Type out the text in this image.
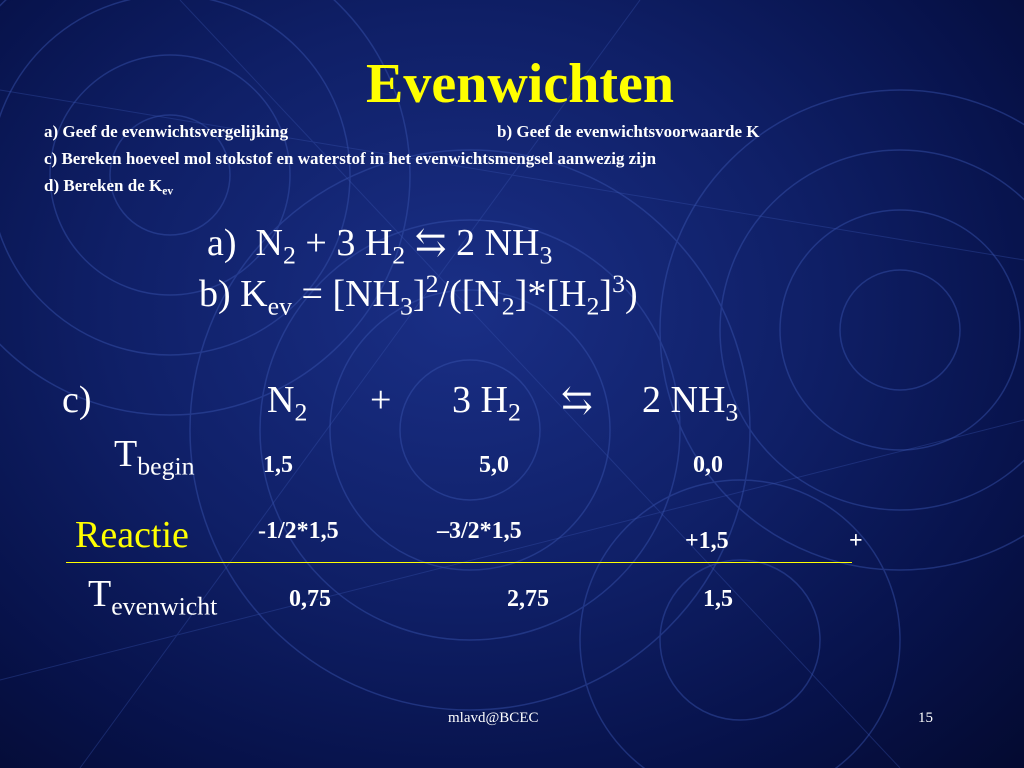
Evenwichten
a) Geef de evenwichtsvergelijking	b) Geef de evenwichtsvoorwaarde K
c) Bereken hoeveel mol stokstof en waterstof in het evenwichtsmengsel aanwezig zijn
d) Bereken de $K_{ev}$
a) $N_2 + 3$ $H_2$ ⇆ 2 $NH_3$
b) $K_{ev} = [NH_3]^2/([N_2]*[H_2]^3)$
c)	$N_2 + 3$ $H_2$ ⇆ 2 $NH_3$
$T_{begin}$	1,5	5,0	0,0
Reactie	-1/2*1,5	–3/2*1,5	+1,5	+
$T_{evenwicht}$	0,75	2,75	1,5
mlavd@BCEC	15
